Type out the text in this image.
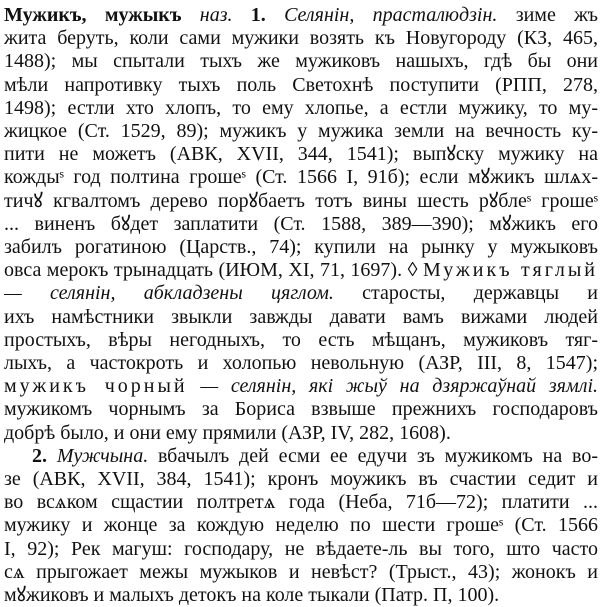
Мужикъ, мужыкъ наз. 1. Селянін, прасталюдзін. зиме жъ
жита беруть, коли сами мужики возять къ Новугороду (КЗ, 465,
1488); мы спытали тыхъ же мужиковъ нашыхъ, гдѣ бы они
мѣли напротивку тыхъ поль Светохнѣ поступити (РПП, 278,
1498); естли хто хлопъ, то ему хлопье, а естли мужику, то му-
жицкое (Ст. 1529, 89); мужикъ у мужика земли на вечность ку-
пити не можетъ (АВК, XVII, 344, 1541); выпꙋску мужику на
кождыˢ год полтина грошеˢ (Ст. 1566 I, 91б); если мꙋжикъ шлѧх-
тичꙋ кгвалтомъ дерево порꙋбаетъ тотъ вины шесть рꙋблеˢ грошеˢ
... виненъ бꙋдет заплатити (Ст. 1588, 389—390); мꙋжикъ его
забилъ рогатиною (Царств., 74); купили на рынку у мужыковъ
овса мерокъ трынадцать (ИЮМ, XI, 71, 1697). ◊ Мужикъ тяглый
— селянін, абкладзены цяглом. старосты, державцы и
ихъ намѣстники звыкли завжды давати вамъ вижами людей
простыхъ, вѣры негодныхъ, то есть мѣщанъ, мужиковъ тяг-
лыхъ, а частокроть и холопью невольную (АЗР, III, 8, 1547);
мужикъ чорный — селянін, які жыў на дзяржаўнай зямлі.
мужикомъ чорнымъ за Бориса взвыше прежнихъ господаровъ
добрѣ было, и они ему прямили (АЗР, IV, 282, 1608).
2. Мужчына. вбачылъ дей есми ее едучи зъ мужикомъ на во-
зе (АВК, XVII, 384, 1541); кронъ моужикъ въ счастии седит и
во всѧком сщастии полтретѧ года (Неба, 71б—72); платити ...
мужику и жонце за кождую неделю по шести грошеˢ (Ст. 1566
I, 92); Рек магуш: господару, не вѣдаете-ль вы того, што часто
сѧ прыгожает межы мужыков и невѣст? (Трыст., 43); жонокъ и
мꙋжиковъ и малыхъ детокъ на коле тыкали (Патр. П, 100).
